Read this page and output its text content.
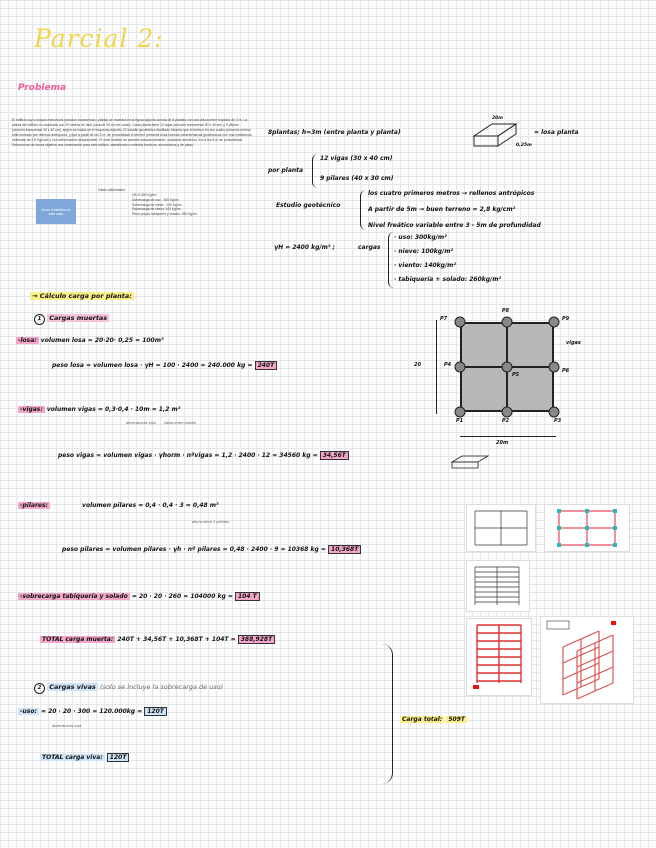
Parcial 2:
Problema
El edificio cuyo croquis estructural (sección transversal y planta) se muestra en la figura adjunta consta de 8 plantas con una altura entre forjados de 3 m. La planta del edificio es cuadrada con 20 metros de lado (losa de 25 cm de canto). Cada planta tiene 12 vigas (sección transversal 30 x 40 cm) y 9 pilares (sección transversal 40 x 40 cm), según se indica en el esquema adjunto. El estudio geotécnico facilitado informa que el terreno en sus cuatro primeros metros está formado por rellenos antrópicos, y que a partir de los 5 m. de profundidad el terreno presenta unas buenas características geotécnicas con una resistencia estimada de 2,8 Kg/cm2 y con deformación despreciable. El nivel freático es variable estacionalmente, oscilando desde los 3 m a los 5 m de profundidad. Seleccionar de forma objetiva una cimentación para este edificio, atendiendo a criterios técnicos, económicos y de plazo.
Datos adicionales:
γH=2.400 Kg/m³
Sobrecarga de uso : 300 Kg/m²
Sobrecarga de nieve : 100 Kg/m²
Sobrecarga de viento 140 Kg/m²
Peso propio tabiquería y solado: 260 Kg/m²
No se considera en este caso
8plantas; h=3m (entre planta y planta)
20m
0,25m
= losa planta
por planta
12 vigas (30 x 40 cm)
9 pilares (40 x 30 cm)
Estudio geotécnico
los cuatro primeros metros → rellenos antrópicos
A partir de 5m → buen terreno = 2,8 kg/cm²
Nivel freático variable entre 3 - 5m de profundidad
γH = 2400 kg/m³ ;	cargas
· uso: 300kg/m²
· nieve: 100kg/m²
· viento: 140kg/m²
· tabiquería + solado: 260kg/m²
P7
P8
P9
P4
P5
P6
P1	P2	P3
vigas
20
20m
→ Cálculo carga por planta:
1 Cargas muertas
-losa: volumen losa = 20·20· 0,25 = 100m³
peso losa = volumen losa · γH = 100 · 2400 = 240.000 kg = 240T
-vigas: volumen vigas = 0,3·0,4 · 10m = 1,2 m³
dimensiones viga hasta entre pilares
peso vigas = volumen vigas · γhorm · nºvigas = 1,2 · 2400 · 12 = 34560 kg = 34,56T
-pilares:	volumen pilares = 0,4 · 0,4 · 3 = 0,48 m³
altura entre 2 plantas
peso pilares = volumen pilares · γh · nº pilares = 0,48 · 2400 · 9 = 10368 kg = 10,368T
-sobrecarga tabiquería y solado = 20 · 20 · 260 = 104000 kg = 104 T
TOTAL carga muerta: 240T + 34,56T + 10,368T + 104T = 388,928T
2 Cargas vivas (solo se incluye la sobrecarga de uso)
-uso: = 20 · 20 · 300 = 120.000kg = 120T
dimensiones losa
TOTAL carga viva: 120T
Carga total: 509T
